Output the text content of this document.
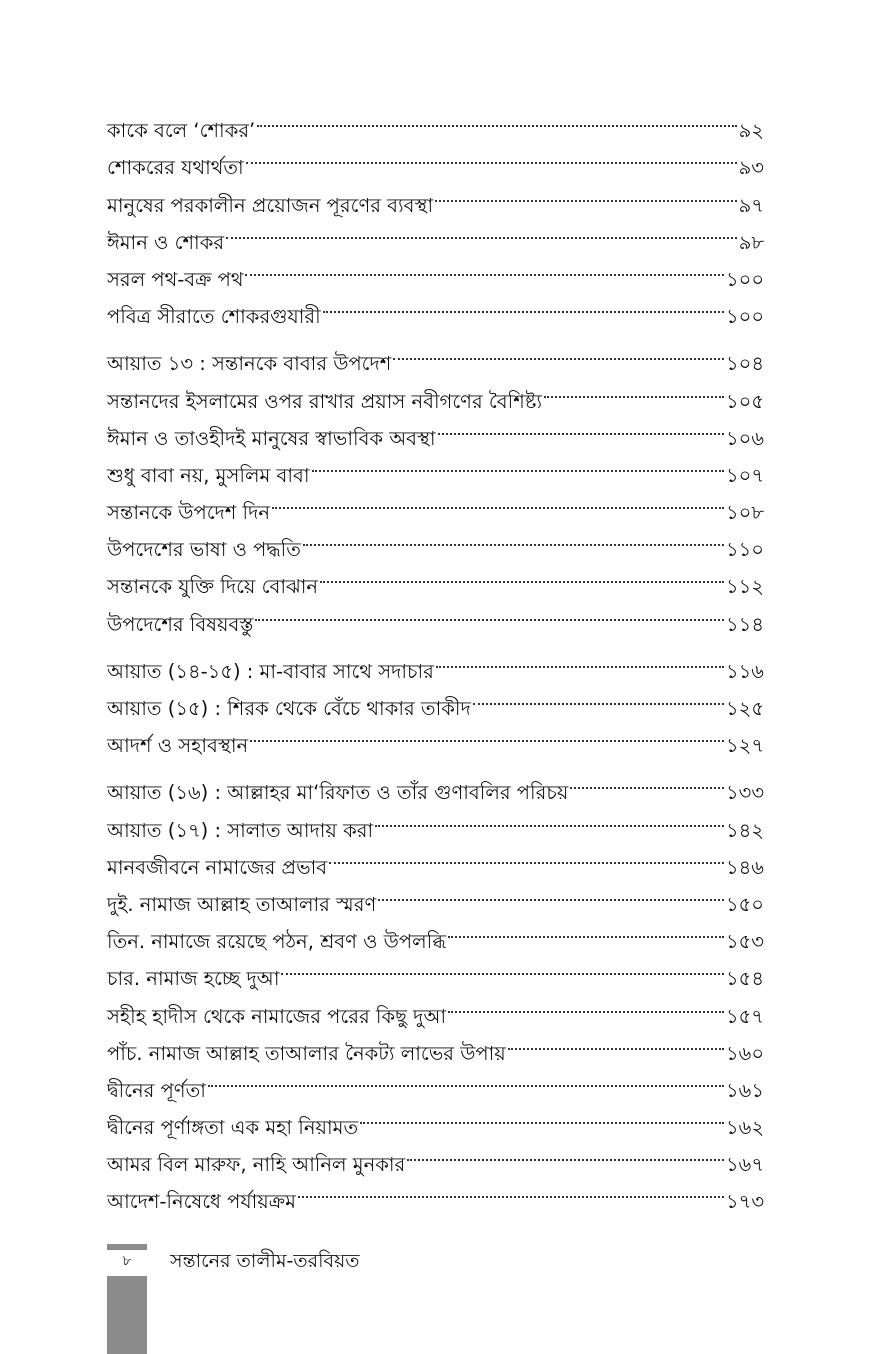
কাকে বলে ‘শোকর’	৯২
শোকরের যথার্থতা	৯৩
মানুষের পরকালীন প্রয়োজন পূরণের ব্যবস্থা	৯৭
ঈমান ও শোকর	৯৮
সরল পথ-বক্র পথ	১০০
পবিত্র সীরাতে শোকরগুযারী	১০০
আয়াত ১৩ : সন্তানকে বাবার উপদেশ	১০৪
সন্তানদের ইসলামের ওপর রাখার প্রয়াস নবীগণের বৈশিষ্ট্য	১০৫
ঈমান ও তাওহীদই মানুষের স্বাভাবিক অবস্থা	১০৬
শুধু বাবা নয়, মুসলিম বাবা	১০৭
সন্তানকে উপদেশ দিন	১০৮
উপদেশের ভাষা ও পদ্ধতি	১১০
সন্তানকে যুক্তি দিয়ে বোঝান	১১২
উপদেশের বিষয়বস্তু	১১৪
আয়াত (১৪-১৫) : মা-বাবার সাথে সদাচার	১১৬
আয়াত (১৫) : শিরক থেকে বেঁচে থাকার তাকীদ	১২৫
আদর্শ ও সহাবস্থান	১২৭
আয়াত (১৬) : আল্লাহর মা‘রিফাত ও তাঁর গুণাবলির পরিচয়	১৩৩
আয়াত (১৭) : সালাত আদায় করা	১৪২
মানবজীবনে নামাজের প্রভাব	১৪৬
দুই. নামাজ আল্লাহ তাআলার স্মরণ	১৫০
তিন. নামাজে রয়েছে পঠন, শ্রবণ ও উপলব্ধি	১৫৩
চার. নামাজ হচ্ছে দুআ	১৫৪
সহীহ হাদীস থেকে নামাজের পরের কিছু দুআ	১৫৭
পাঁচ. নামাজ আল্লাহ তাআলার নৈকট্য লাভের উপায়	১৬০
দ্বীনের পূর্ণতা	১৬১
দ্বীনের পূর্ণাঙ্গতা এক মহা নিয়ামত	১৬২
আমর বিল মারুফ, নাহি আনিল মুনকার	১৬৭
আদেশ-নিষেধে পর্যায়ক্রম	১৭৩
৮	সন্তানের তালীম-তরবিয়ত
